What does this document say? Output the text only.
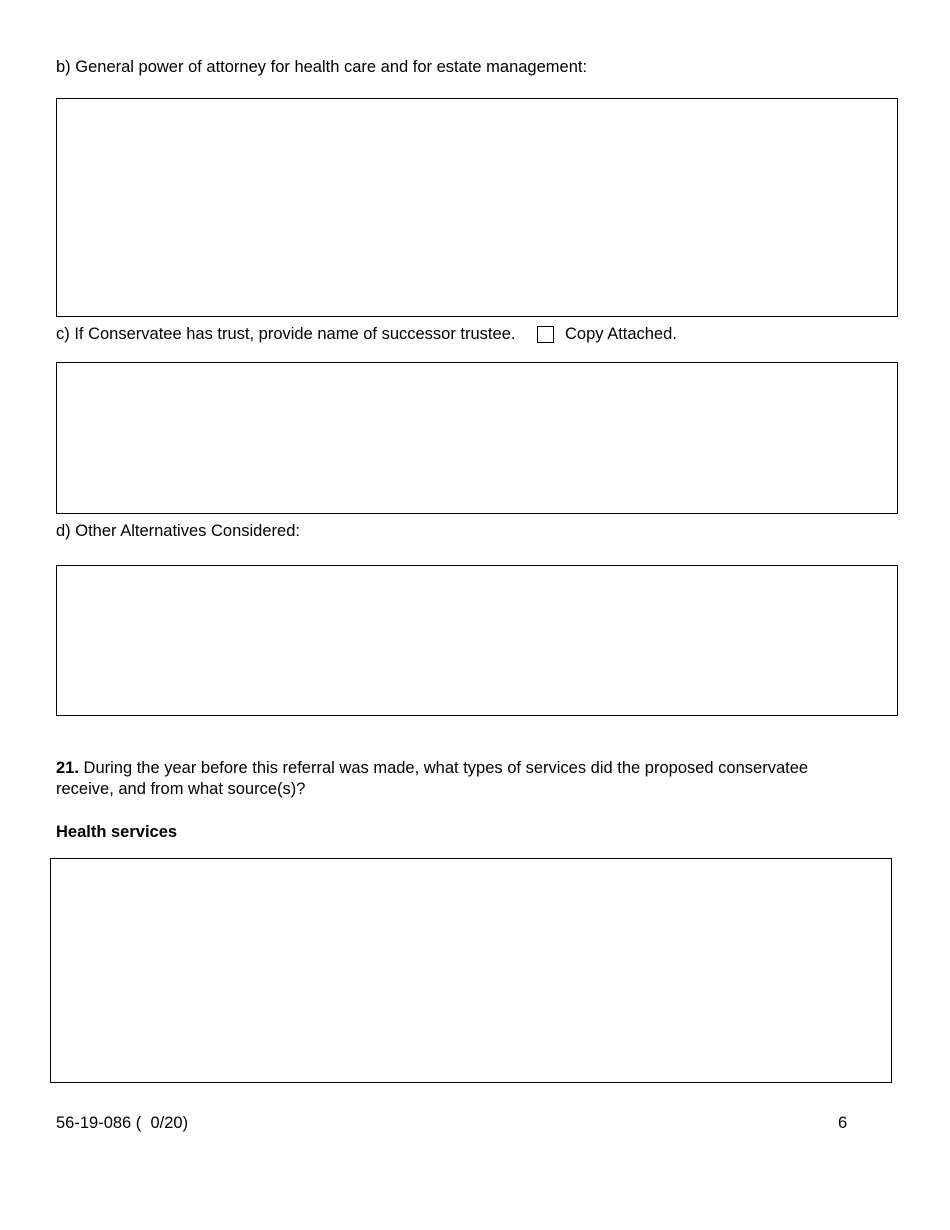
b) General power of attorney for health care and for estate management:
c) If Conservatee has trust, provide name of successor trustee.	Copy Attached.
d) Other Alternatives Considered:
21. During the year before this referral was made, what types of services did the proposed conservatee receive, and from what source(s)?
Health services
56-19-086 (  0/20)	6
